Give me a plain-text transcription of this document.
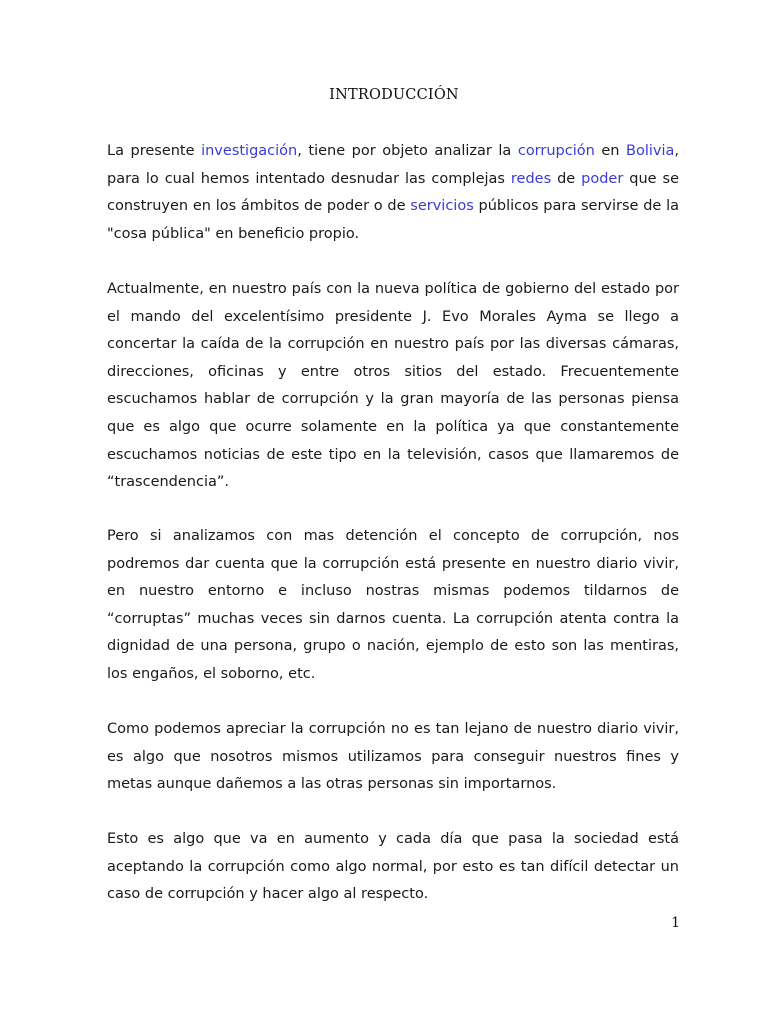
INTRODUCCIÓN

La presente investigación, tiene por objeto analizar la corrupción en Bolivia, para lo cual hemos intentado desnudar las complejas redes de poder que se construyen en los ámbitos de poder o de servicios públicos para servirse de la "cosa pública" en beneficio propio.

Actualmente, en nuestro país con la nueva política de gobierno del estado por el mando del excelentísimo presidente J. Evo Morales Ayma se llego a concertar la caída de la corrupción en nuestro país por las diversas cámaras, direcciones, oficinas y entre otros sitios del estado. Frecuentemente escuchamos hablar de corrupción y la gran mayoría de las personas piensa que es algo que ocurre solamente en la política ya que constantemente escuchamos noticias de este tipo en la televisión, casos que llamaremos de “trascendencia”.

Pero si analizamos con mas detención el concepto de corrupción, nos podremos dar cuenta que la corrupción está presente en nuestro diario vivir, en nuestro entorno e incluso nostras mismas podemos tildarnos de “corruptas” muchas veces sin darnos cuenta. La corrupción atenta contra la dignidad de una persona, grupo o nación, ejemplo de esto son las mentiras, los engaños, el soborno, etc.

Como podemos apreciar la corrupción no es tan lejano de nuestro diario vivir, es algo que nosotros mismos utilizamos para conseguir nuestros fines y metas aunque dañemos a las otras personas sin importarnos.

Esto es algo que va en aumento y cada día que pasa la sociedad está aceptando la corrupción como algo normal, por esto es tan difícil detectar un caso de corrupción y hacer algo al respecto.

1
